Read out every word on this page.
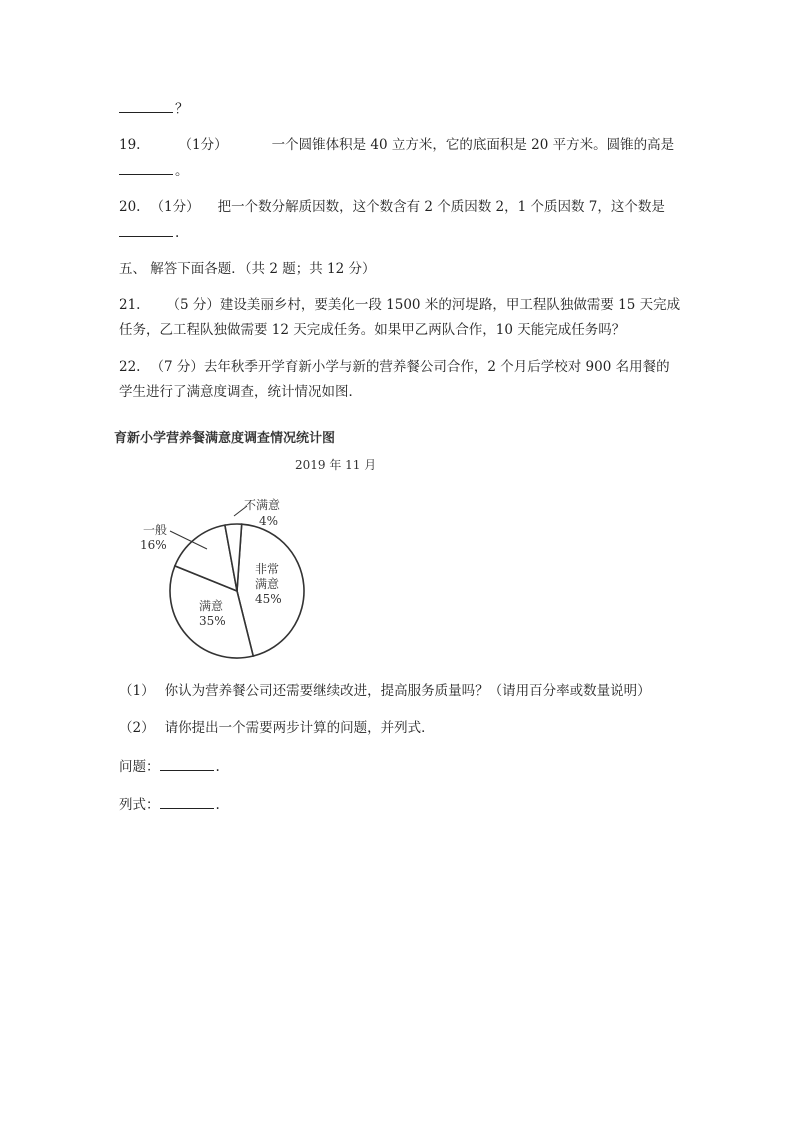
？
19.	（1分）	一个圆锥体积是 40 立方米，它的底面积是 20 平方米。圆锥的高是
。
20. （1分） 把一个数分解质因数，这个数含有 2 个质因数 2，1 个质因数 7，这个数是
.
五、 解答下面各题．（共 2 题；共 12 分）
21. （5 分）建设美丽乡村，要美化一段 1500 米的河堤路，甲工程队独做需要 15 天完成
任务，乙工程队独做需要 12 天完成任务。如果甲乙两队合作，10 天能完成任务吗？
22. （7 分）去年秋季开学育新小学与新的营养餐公司合作，2 个月后学校对 900 名用餐的
学生进行了满意度调查，统计情况如图．
育新小学营养餐满意度调查情况统计图
2019 年 11 月
一般
16%
不满意
4%
非常
满意
45%
满意
35%
（1） 你认为营养餐公司还需要继续改进，提高服务质量吗？（请用百分率或数量说明）
（2） 请你提出一个需要两步计算的问题，并列式．
问题：	.
列式：	.
